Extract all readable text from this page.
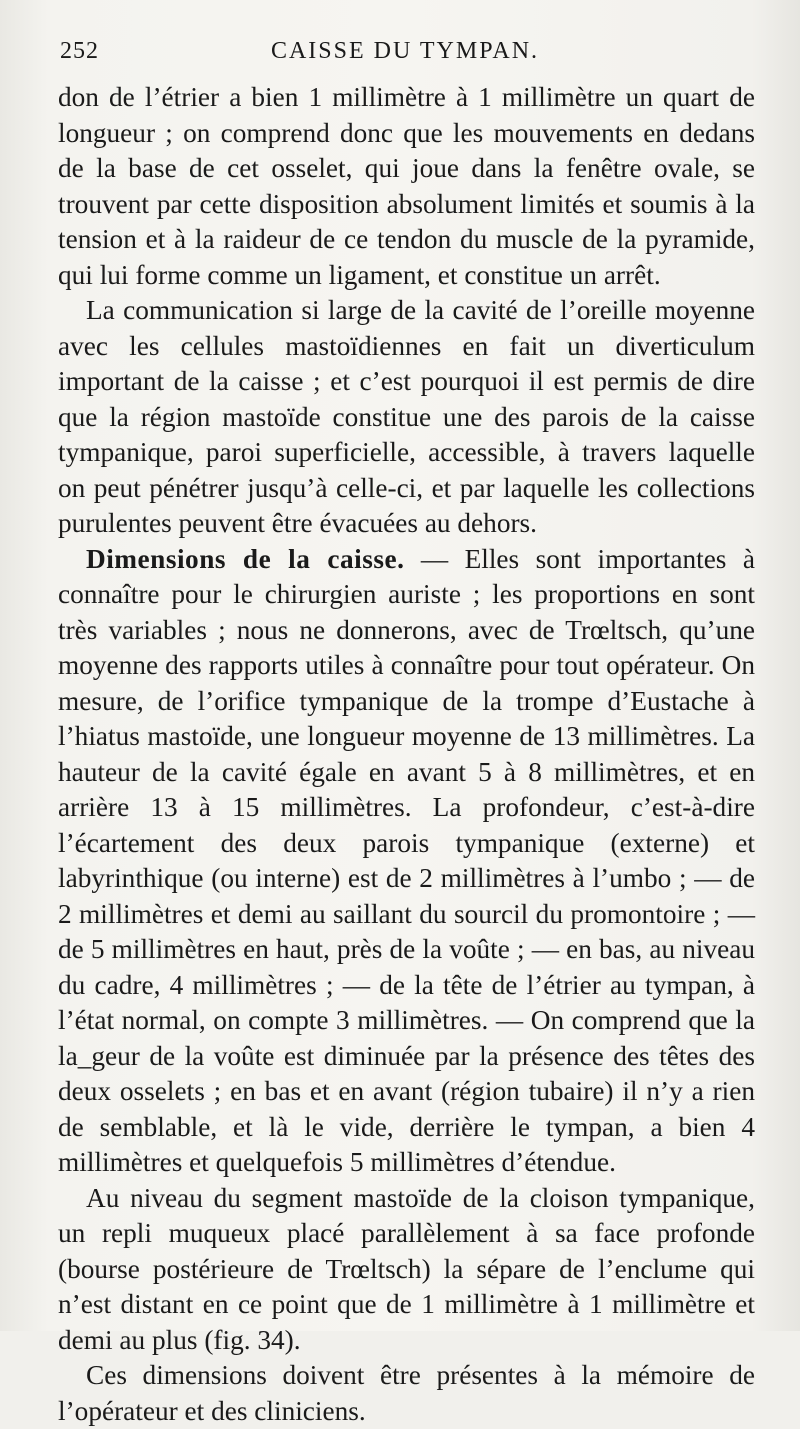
252	CAISSE DU TYMPAN.

don de l’étrier a bien 1 millimètre à 1 millimètre un quart de longueur ; on comprend donc que les mouvements en dedans de la base de cet osselet, qui joue dans la fenêtre ovale, se trouvent par cette disposition absolument limités et soumis à la tension et à la raideur de ce tendon du muscle de la pyramide, qui lui forme comme un ligament, et constitue un arrêt.

La communication si large de la cavité de l’oreille moyenne avec les cellules mastoïdiennes en fait un diverticulum important de la caisse ; et c’est pourquoi il est permis de dire que la région mastoïde constitue une des parois de la caisse tympanique, paroi superficielle, accessible, à travers laquelle on peut pénétrer jusqu’à celle-ci, et par laquelle les collections purulentes peuvent être évacuées au dehors.

Dimensions de la caisse. — Elles sont importantes à connaître pour le chirurgien auriste ; les proportions en sont très variables ; nous ne donnerons, avec de Trœltsch, qu’une moyenne des rapports utiles à connaître pour tout opérateur. On mesure, de l’orifice tympanique de la trompe d’Eustache à l’hiatus mastoïde, une longueur moyenne de 13 millimètres. La hauteur de la cavité égale en avant 5 à 8 millimètres, et en arrière 13 à 15 millimètres. La profondeur, c’est-à-dire l’écartement des deux parois tympanique (externe) et labyrinthique (ou interne) est de 2 millimètres à l’umbo ; — de 2 millimètres et demi au saillant du sourcil du promontoire ; — de 5 millimètres en haut, près de la voûte ; — en bas, au niveau du cadre, 4 millimètres ; — de la tête de l’étrier au tympan, à l’état normal, on compte 3 millimètres. — On comprend que la la_geur de la voûte est diminuée par la présence des têtes des deux osselets ; en bas et en avant (région tubaire) il n’y a rien de semblable, et là le vide, derrière le tympan, a bien 4 millimètres et quelquefois 5 millimètres d’étendue.

Au niveau du segment mastoïde de la cloison tympanique, un repli muqueux placé parallèlement à sa face profonde (bourse postérieure de Trœltsch) la sépare de l’enclume qui n’est distant en ce point que de 1 millimètre à 1 millimètre et demi au plus (fig. 34).

Ces dimensions doivent être présentes à la mémoire de l’opérateur et des cliniciens.
